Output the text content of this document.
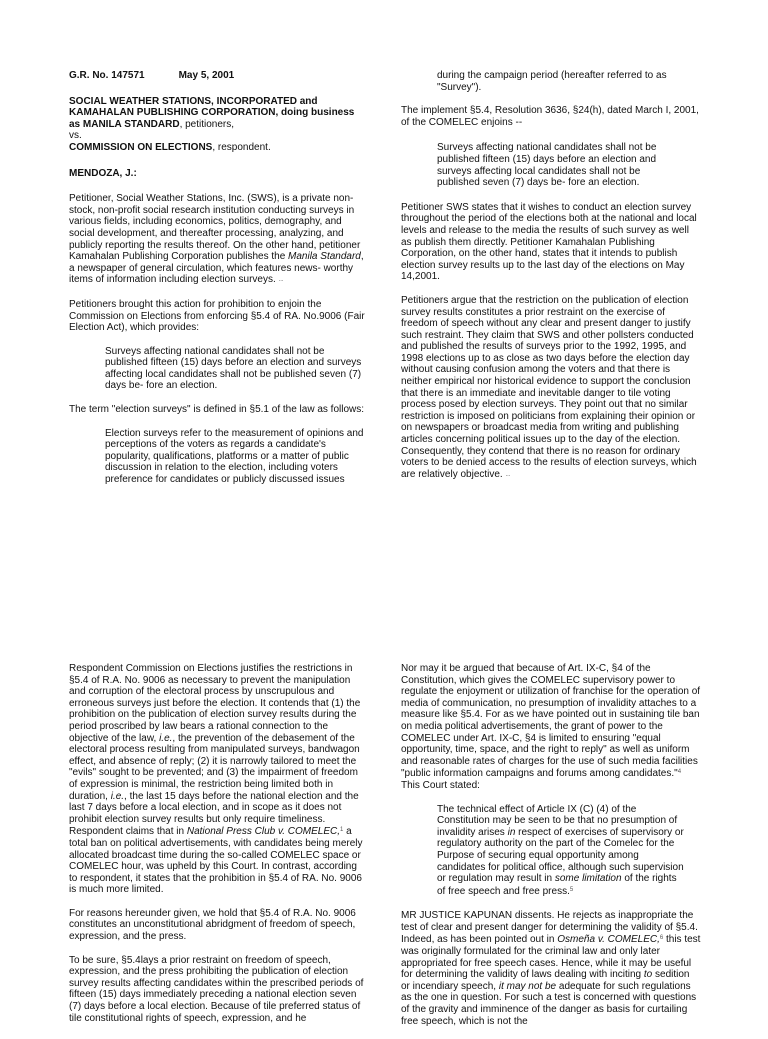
G.R. No. 147571	May 5, 2001

SOCIAL WEATHER STATIONS, INCORPORATED and KAMAHALAN PUBLISHING CORPORATION, doing business as MANILA STANDARD, petitioners,
vs.
COMMISSION ON ELECTIONS, respondent.

MENDOZA, J.:

Petitioner, Social Weather Stations, Inc. (SWS), is a private non-stock, non-profit social research institution conducting surveys in various fields, including economics, politics, demography, and social development, and thereafter processing, analyzing, and publicly reporting the results thereof. On the other hand, petitioner Kamahalan Publishing Corporation publishes the Manila Standard, a newspaper of general circulation, which features news- worthy items of information including election surveys. ...

Petitioners brought this action for prohibition to enjoin the Commission on Elections from enforcing §5.4 of RA. No.9006 (Fair Election Act), which provides:

Surveys affecting national candidates shall not be published fifteen (15) days before an election and surveys affecting local candidates shall not be published seven (7) days be- fore an election.

The term "election surveys" is defined in §5.1 of the law as follows:

Election surveys refer to the measurement of opinions and perceptions of the voters as regards a candidate's popularity, qualifications, platforms or a matter of public discussion in relation to the election, including voters preference for candidates or publicly discussed issues

during the campaign period (hereafter referred to as "Survey").

The implement §5.4, Resolution 3636, §24(h), dated March I, 2001, of the COMELEC enjoins --

Surveys affecting national candidates shall not be published fifteen (15) days before an election and surveys affecting local candidates shall not be published seven (7) days be- fore an election.

Petitioner SWS states that it wishes to conduct an election survey throughout the period of the elections both at the national and local levels and release to the media the results of such survey as well as publish them directly. Petitioner Kamahalan Publishing Corporation, on the other hand, states that it intends to publish election survey results up to the last day of the elections on May 14,2001.

Petitioners argue that the restriction on the publication of election survey results constitutes a prior restraint on the exercise of freedom of speech without any clear and present danger to justify such restraint. They claim that SWS and other pollsters conducted and published the results of surveys prior to the 1992, 1995, and 1998 elections up to as close as two days before the election day without causing confusion among the voters and that there is neither empirical nor historical evidence to support the conclusion that there is an immediate and inevitable danger to tile voting process posed by election surveys. They point out that no similar restriction is imposed on politicians from explaining their opinion or on newspapers or broadcast media from writing and publishing articles concerning political issues up to the day of the election. Consequently, they contend that there is no reason for ordinary voters to be denied access to the results of election surveys, which are relatively objective. ...

Respondent Commission on Elections justifies the restrictions in §5.4 of R.A. No. 9006 as necessary to prevent the manipulation and corruption of the electoral process by unscrupulous and erroneous surveys just before the election. It contends that (1) the prohibition on the publication of election survey results during the period proscribed by law bears a rational connection to the objective of the law, i.e., the prevention of the debasement of the electoral process resulting from manipulated surveys, bandwagon effect, and absence of reply; (2) it is narrowly tailored to meet the "evils" sought to be prevented; and (3) the impairment of freedom of expression is minimal, the restriction being limited both in duration, i.e., the last 15 days before the national election and the last 7 days before a local election, and in scope as it does not prohibit election survey results but only require timeliness. Respondent claims that in National Press Club v. COMELEC,$^1$ a total ban on political advertisements, with candidates being merely allocated broadcast time during the so-called COMELEC space or COMELEC hour, was upheld by this Court. In contrast, according to respondent, it states that the prohibition in §5.4 of RA. No. 9006 is much more limited.

For reasons hereunder given, we hold that §5.4 of R.A. No. 9006 constitutes an unconstitutional abridgment of freedom of speech, expression, and the press.

To be sure, §5.4lays a prior restraint on freedom of speech, expression, and the press prohibiting the publication of election survey results affecting candidates within the prescribed periods of fifteen (15) days immediately preceding a national election seven (7) days before a local election. Because of tile preferred status of tile constitutional rights of speech, expression, and he

Nor may it be argued that because of Art. IX-C, §4 of the Constitution, which gives the COMELEC supervisory power to regulate the enjoyment or utilization of franchise for the operation of media of communication, no presumption of invalidity attaches to a measure like §5.4. For as we have pointed out in sustaining tile ban on media political advertisements, the grant of power to the COMELEC under Art. IX-C, §4 is limited to ensuring "equal opportunity, time, space, and the right to reply" as well as uniform and reasonable rates of charges for the use of such media facilities "public information campaigns and forums among candidates."$^4$ This Court stated:

The technical effect of Article IX (C) (4) of the Constitution may be seen to be that no presumption of invalidity arises in respect of exercises of supervisory or regulatory authority on the part of the Comelec for the Purpose of securing equal opportunity among candidates for political office, although such supervision or regulation may result in some limitation of the rights of free speech and free press.$^5$

MR JUSTICE KAPUNAN dissents. He rejects as inappropriate the test of clear and present danger for determining the validity of §5.4. Indeed, as has been pointed out in Osmeña v. COMELEC,$^6$ this test was originally formulated for the criminal law and only later appropriated for free speech cases. Hence, while it may be useful for determining the validity of laws dealing with inciting to sedition or incendiary speech, it may not be adequate for such regulations as the one in question. For such a test is concerned with questions of the gravity and imminence of the danger as basis for curtailing free speech, which is not the
